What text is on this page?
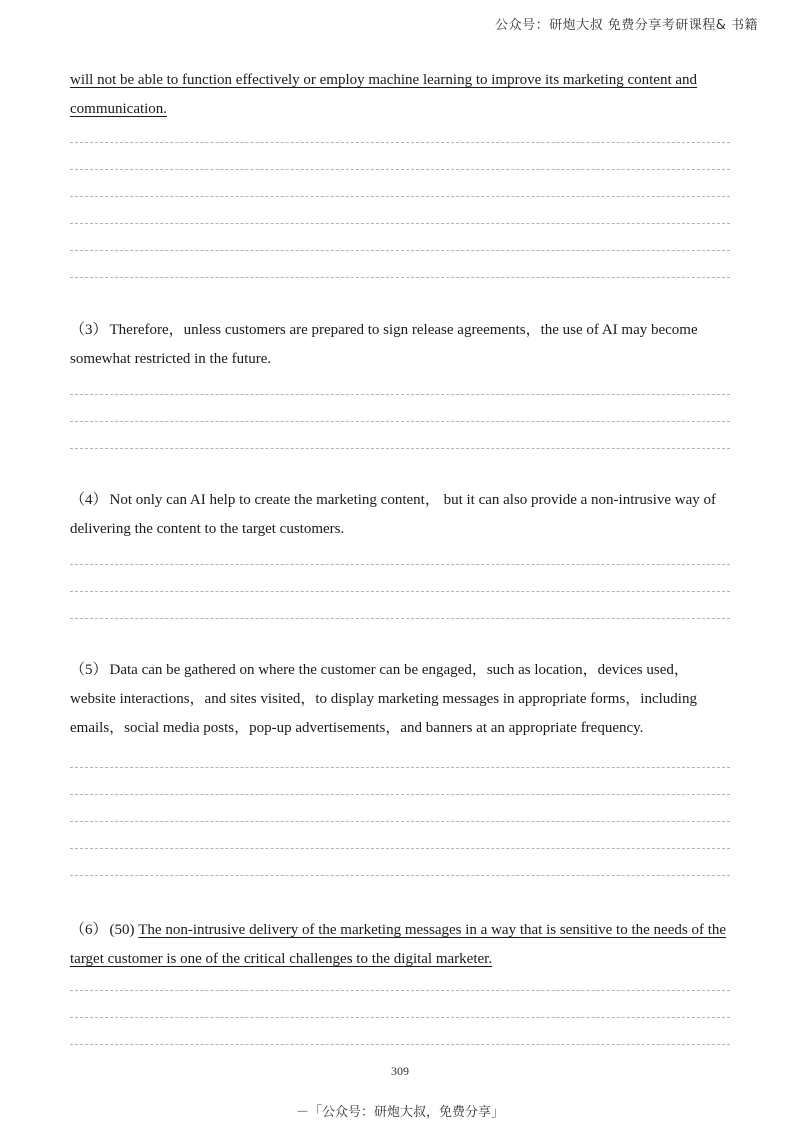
公众号：研炮大叔 免费分享考研课程& 书籍

will not be able to function effectively or employ machine learning to improve its marketing content and communication.

（3） Therefore，unless customers are prepared to sign release agreements，the use of AI may become somewhat restricted in the future.

（4） Not only can AI help to create the marketing content， but it can also provide a non-intrusive way of delivering the content to the target customers.

（5） Data can be gathered on where the customer can be engaged，such as location，devices used，website interactions，and sites visited，to display marketing messages in appropriate forms，including emails，social media posts，pop-up advertisements，and banners at an appropriate frequency.

（6） (50) The non-intrusive delivery of the marketing messages in a way that is sensitive to the needs of the target customer is one of the critical challenges to the digital marketer.

309
－「公众号：研炮大叔，免费分享」
